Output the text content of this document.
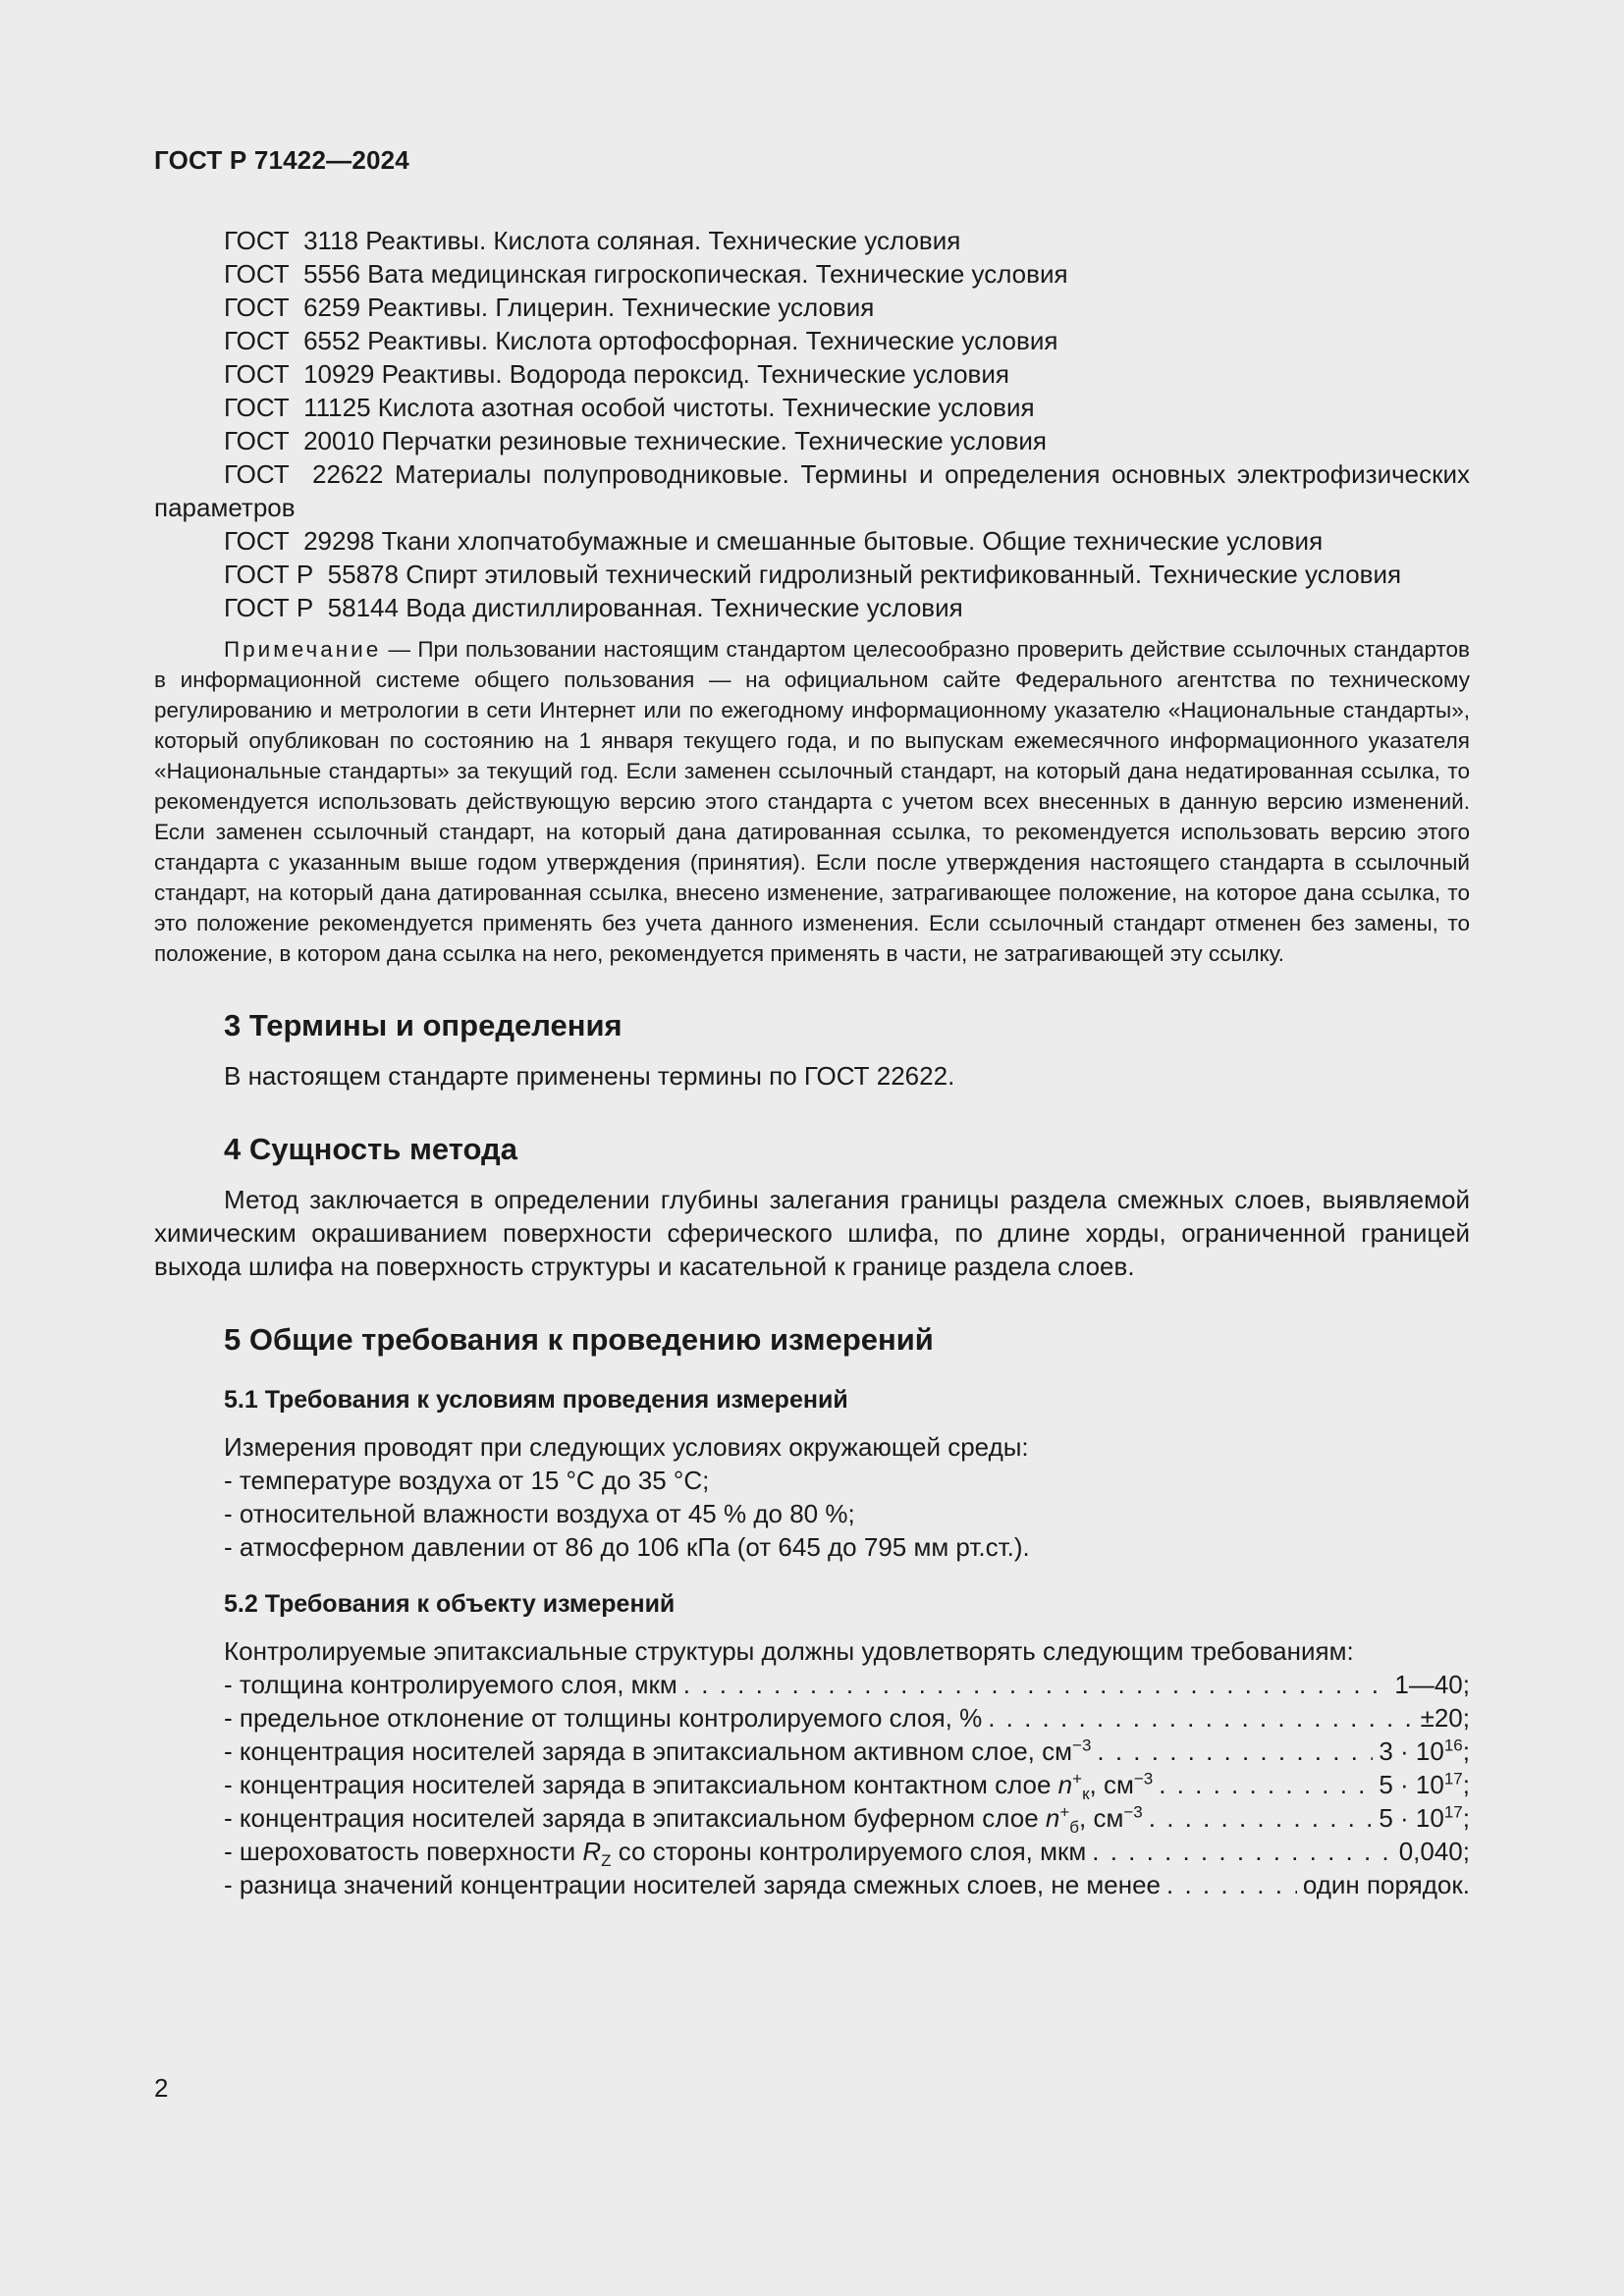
ГОСТ Р 71422—2024

ГОСТ  3118 Реактивы. Кислота соляная. Технические условия

ГОСТ  5556 Вата медицинская гигроскопическая. Технические условия

ГОСТ  6259 Реактивы. Глицерин. Технические условия

ГОСТ  6552 Реактивы. Кислота ортофосфорная. Технические условия

ГОСТ  10929 Реактивы. Водорода пероксид. Технические условия

ГОСТ  11125 Кислота азотная особой чистоты. Технические условия

ГОСТ  20010 Перчатки резиновые технические. Технические условия

ГОСТ  22622 Материалы полупроводниковые. Термины и определения основных электрофизических параметров

ГОСТ  29298 Ткани хлопчатобумажные и смешанные бытовые. Общие технические условия

ГОСТ Р  55878 Спирт этиловый технический гидролизный ректификованный. Технические условия

ГОСТ Р  58144 Вода дистиллированная. Технические условия

Примечание — При пользовании настоящим стандартом целесообразно проверить действие ссылочных стандартов в информационной системе общего пользования — на официальном сайте Федерального агентства по техническому регулированию и метрологии в сети Интернет или по ежегодному информационному указателю «Национальные стандарты», который опубликован по состоянию на 1 января текущего года, и по выпускам ежемесячного информационного указателя «Национальные стандарты» за текущий год. Если заменен ссылочный стандарт, на который дана недатированная ссылка, то рекомендуется использовать действующую версию этого стандарта с учетом всех внесенных в данную версию изменений. Если заменен ссылочный стандарт, на который дана датированная ссылка, то рекомендуется использовать версию этого стандарта с указанным выше годом утверждения (принятия). Если после утверждения настоящего стандарта в ссылочный стандарт, на который дана датированная ссылка, внесено изменение, затрагивающее положение, на которое дана ссылка, то это положение рекомендуется применять без учета данного изменения. Если ссылочный стандарт отменен без замены, то положение, в котором дана ссылка на него, рекомендуется применять в части, не затрагивающей эту ссылку.

3 Термины и определения

В настоящем стандарте применены термины по ГОСТ 22622.

4 Сущность метода

Метод заключается в определении глубины залегания границы раздела смежных слоев, выявляемой химическим окрашиванием поверхности сферического шлифа, по длине хорды, ограниченной границей выхода шлифа на поверхность структуры и касательной к границе раздела слоев.

5 Общие требования к проведению измерений
5.1 Требования к условиям проведения измерений

Измерения проводят при следующих условиях окружающей среды:

- температуре воздуха от 15 °С до 35 °С;

- относительной влажности воздуха от 45 % до 80 %;

- атмосферном давлении от 86 до 106 кПа (от 645 до 795 мм рт.ст.).

5.2 Требования к объекту измерений

Контролируемые эпитаксиальные структуры должны удовлетворять следующим требованиям:

- толщина контролируемого слоя, мкм . . .	1—40;
- предельное отклонение от толщины контролируемого слоя, % . . .	±20;
- концентрация носителей заряда в эпитаксиальном активном слое, $см^{-3}$ . . .	$3 \cdot 10^{16}$;
- концентрация носителей заряда в эпитаксиальном контактном слое $n^+_к$, $см^{-3}$ . . .	$5 \cdot 10^{17}$;
- концентрация носителей заряда в эпитаксиальном буферном слое $n^+_б$, $см^{-3}$ . . .	$5 \cdot 10^{17}$;
- шероховатость поверхности $R_Z$ со стороны контролируемого слоя, мкм . . .	0,040;
- разница значений концентрации носителей заряда смежных слоев, не менее . . .	один порядок.
2
